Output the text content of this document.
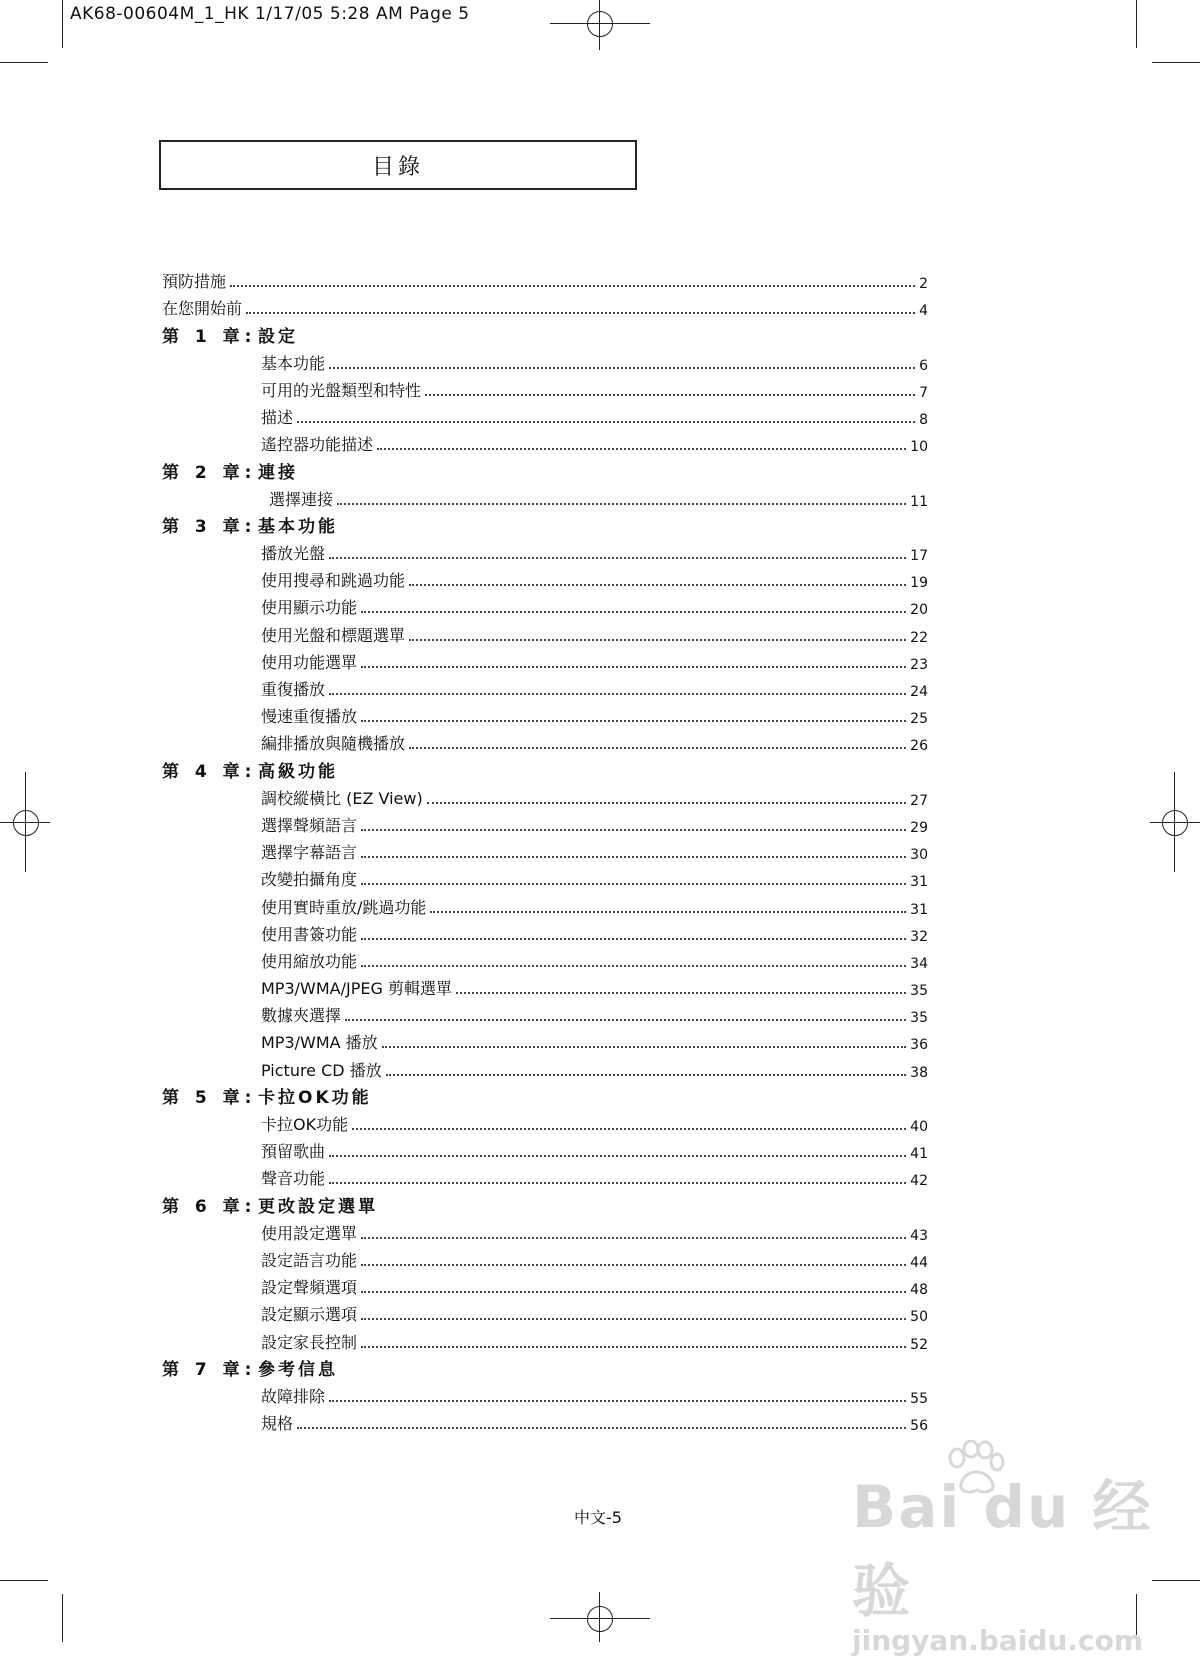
AK68-00604M_1_HK 1/17/05 5:28 AM Page 5
目錄
預防措施	2
在您開始前	4
第 1 章: 設定
基本功能	6
可用的光盤類型和特性	7
描述	8
遙控器功能描述	10
第 2 章: 連接
選擇連接	11
第 3 章: 基本功能
播放光盤	17
使用搜尋和跳過功能	19
使用顯示功能	20
使用光盤和標題選單	22
使用功能選單	23
重復播放	24
慢速重復播放	25
編排播放與隨機播放	26
第 4 章: 高級功能
調校縱橫比 (EZ View)	27
選擇聲頻語言	29
選擇字幕語言	30
改變拍攝角度	31
使用實時重放/跳過功能	31
使用書簽功能	32
使用縮放功能	34
MP3/WMA/JPEG 剪輯選單	35
數據夾選擇	35
MP3/WMA 播放	36
Picture CD 播放	38
第 5 章: 卡拉OK功能
卡拉OK功能	40
預留歌曲	41
聲音功能	42
第 6 章: 更改設定選單
使用設定選單	43
設定語言功能	44
設定聲頻選項	48
設定顯示選項	50
設定家長控制	52
第 7 章: 參考信息
故障排除	55
規格	56
中文-5	Bai du 经验
jingyan.baidu.com
